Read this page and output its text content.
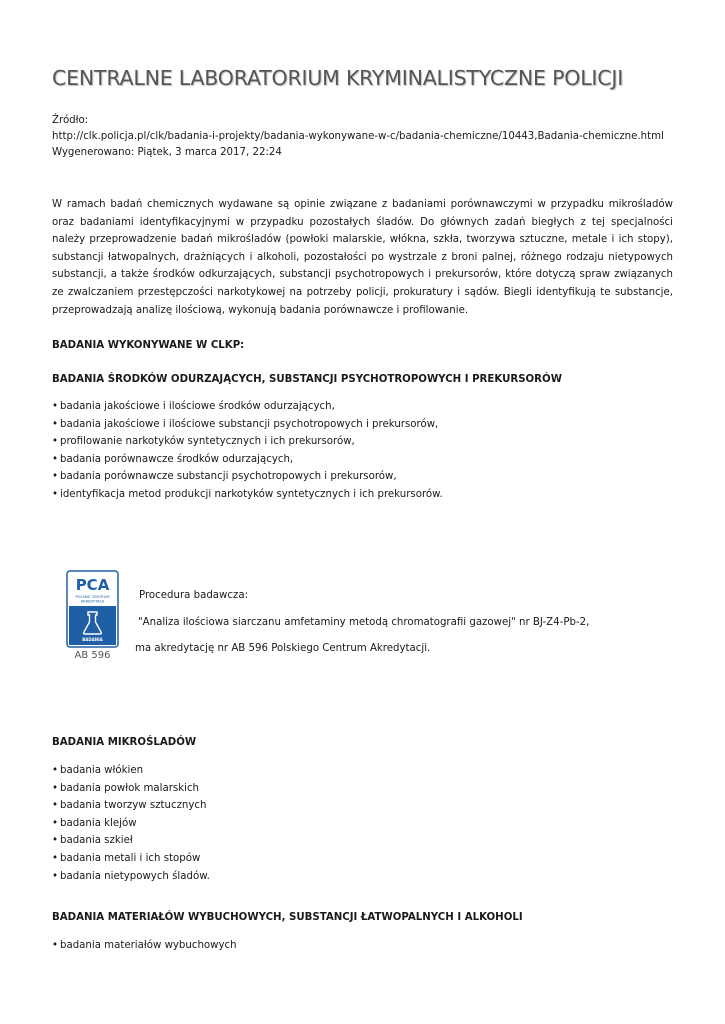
CENTRALNE LABORATORIUM KRYMINALISTYCZNE POLICJI
Źródło:
http://clk.policja.pl/clk/badania-i-projekty/badania-wykonywane-w-c/badania-chemiczne/10443,Badania-chemiczne.html
Wygenerowano: Piątek, 3 marca 2017, 22:24

W ramach badań chemicznych wydawane są opinie związane z badaniami porównawczymi w przypadku mikrośladów oraz badaniami identyfikacyjnymi w przypadku pozostałych śladów. Do głównych zadań biegłych z tej specjalności należy przeprowadzenie badań mikrośladów (powłoki malarskie, włókna, szkła, tworzywa sztuczne, metale i ich stopy), substancji łatwopalnych, drażniących i alkoholi, pozostałości po wystrzale z broni palnej, różnego rodzaju nietypowych substancji, a także środków odkurzających, substancji psychotropowych i prekursorów, które dotyczą spraw związanych ze zwalczaniem przestępczości narkotykowej na potrzeby policji, prokuratury i sądów. Biegli identyfikują te substancje, przeprowadzają analizę ilościową, wykonują badania porównawcze i profilowanie.

BADANIA WYKONYWANE W CLKP:
BADANIA ŚRODKÓW ODURZAJĄCYCH, SUBSTANCJI PSYCHOTROPOWYCH I PREKURSORÓW
• badania jakościowe i ilościowe środków odurzających,
• badania jakościowe i ilościowe substancji psychotropowych i prekursorów,
• profilowanie narkotyków syntetycznych i ich prekursorów,
• badania porównawcze środków odurzających,
• badania porównawcze substancji psychotropowych i prekursorów,
• identyfikacja metod produkcji narkotyków syntetycznych i ich prekursorów.
Procedura badawcza:
"Analiza ilościowa siarczanu amfetaminy metodą chromatografii gazowej" nr BJ-Z4-Pb-2,
ma akredytację nr AB 596 Polskiego Centrum Akredytacji.
BADANIA MIKROŚLADÓW
• badania włókien
• badania powłok malarskich
• badania tworzyw sztucznych
• badania klejów
• badania szkieł
• badania metali i ich stopów
• badania nietypowych śladów.
BADANIA MATERIAŁÓW WYBUCHOWYCH, SUBSTANCJI ŁATWOPALNYCH I ALKOHOLI
• badania materiałów wybuchowych
PCA
POLSKIE CENTRUM
AKREDYTACJI
BADANIA
AB 596
